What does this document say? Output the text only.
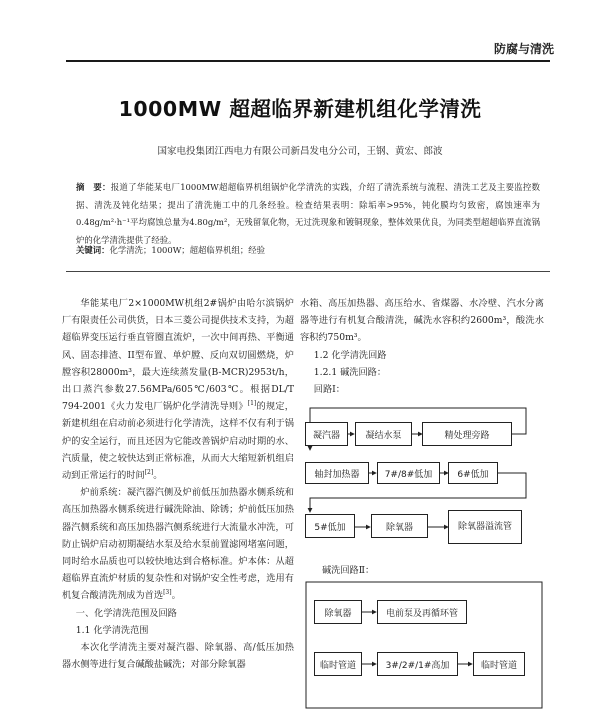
防腐与清洗
1000MW 超超临界新建机组化学清洗
国家电投集团江西电力有限公司新昌发电分公司，王钢、黄宏、郎波
摘　要：报道了华能某电厂1000MW超超临界机组锅炉化学清洗的实践，介绍了清洗系统与流程、清洗工艺及主要监控数据、清洗及钝化结果；提出了清洗施工中的几条经验。检查结果表明：除垢率>95%，钝化膜均匀致密，腐蚀速率为0.48g/m²·h⁻¹平均腐蚀总量为4.80g/m²，无残留氧化物，无过洗现象和镀铜现象，整体效果优良，为同类型超超临界直流锅炉的化学清洗提供了经验。
关键词：化学清洗；1000W；超超临界机组；经验

华能某电厂2×1000MW机组2#锅炉由哈尔滨锅炉厂有限责任公司供货，日本三菱公司提供技术支持，为超超临界变压运行垂直管圈直流炉，一次中间再热、平衡通风、固态排渣、II型布置、单炉膛、反向双切圆燃烧，炉膛容积28000m³，最大连续蒸发量(B-MCR)2953t/h，出口蒸汽参数27.56MPa/605℃/603℃。根据DL/T 794-2001《火力发电厂锅炉化学清洗导则》[1]的规定，新建机组在启动前必须进行化学清洗，这样不仅有利于锅炉的安全运行，而且还因为它能改善锅炉启动时期的水、汽质量，使之较快达到正常标准，从而大大缩短新机组启动到正常运行的时间[2]。

炉前系统：凝汽器汽侧及炉前低压加热器水侧系统和高压加热器水侧系统进行碱洗除油、除锈；炉前低压加热器汽侧系统和高压加热器汽侧系统进行大流量水冲洗，可防止锅炉启动初期凝结水泵及给水泵前置滤网堵塞问题，同时给水品质也可以较快地达到合格标准。炉本体：从超超临界直流炉材质的复杂性和对锅炉安全性考虑，选用有机复合酸清洗剂成为首选[3]。

一、化学清洗范围及回路

1.1 化学清洗范围

本次化学清洗主要对凝汽器、除氧器、高/低压加热器水侧等进行复合碱酸盐碱洗；对部分除氧器

水箱、高压加热器、高压给水、省煤器、水冷壁、汽水分离器等进行有机复合酸清洗，碱洗水容积约2600m³，酸洗水容积约750m³。

1.2 化学清洗回路

1.2.1 碱洗回路：

回路Ⅰ：

凝汽器	凝结水泵	精处理旁路
轴封加热器	7#/8#低加	6#低加
5#低加	除氧器	除氧器溢流管
碱洗回路Ⅱ：
除氧器	电前泵及再循环管
临时管道	3#/2#/1#高加	临时管道
